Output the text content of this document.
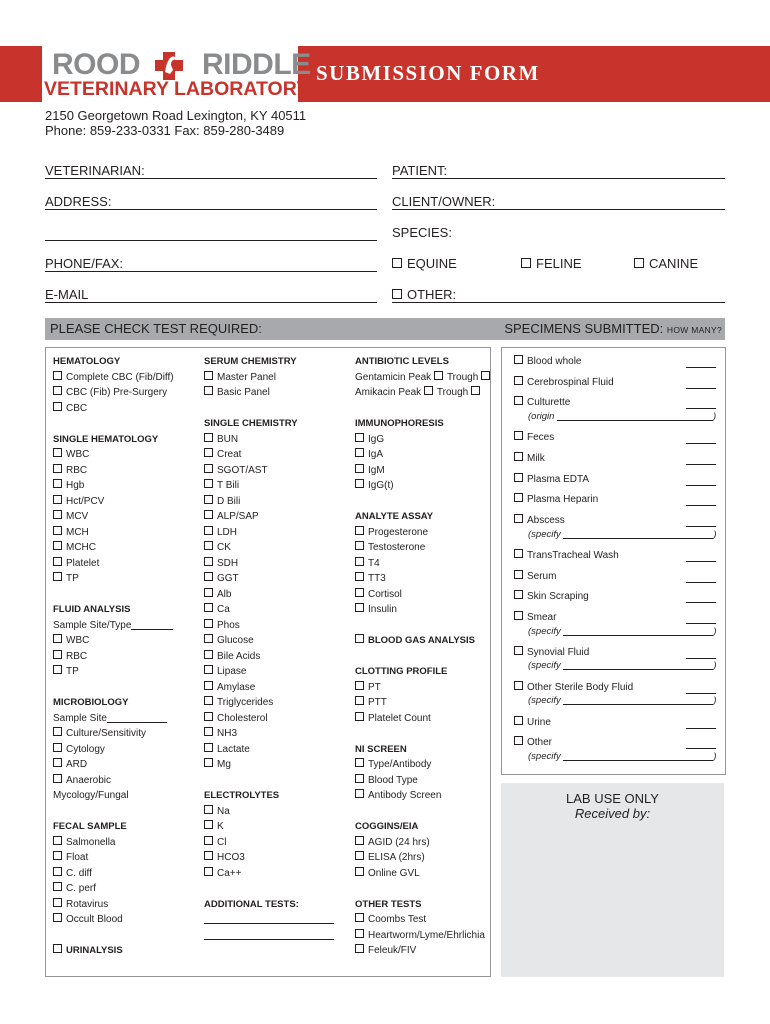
ROOD RIDDLE
VETERINARY LABORATORY
SUBMISSION FORM
2150 Georgetown Road Lexington, KY 40511
Phone: 859-233-0331 Fax: 859-280-3489
VETERINARIAN:
ADDRESS:
PHONE/FAX:
E-MAIL
PATIENT:
CLIENT/OWNER:
SPECIES:
EQUINE	FELINE	CANINE
OTHER:
PLEASE CHECK TEST REQUIRED:	SPECIMENS SUBMITTED: HOW MANY?
HEMATOLOGY
Complete CBC (Fib/Diff)
CBC (Fib) Pre-Surgery
CBC
SINGLE HEMATOLOGY
WBC
RBC
Hgb
Hct/PCV
MCV
MCH
MCHC
Platelet
TP
FLUID ANALYSIS
Sample Site/Type
WBC
RBC
TP
MICROBIOLOGY
Sample Site
Culture/Sensitivity
Cytology
ARD
Anaerobic
Mycology/Fungal
FECAL SAMPLE
Salmonella
Float
C. diff
C. perf
Rotavirus
Occult Blood
URINALYSIS
SERUM CHEMISTRY
Master Panel
Basic Panel
SINGLE CHEMISTRY
BUN
Creat
SGOT/AST
T Bili
D Bili
ALP/SAP
LDH
CK
SDH
GGT
Alb
Ca
Phos
Glucose
Bile Acids
Lipase
Amylase
Triglycerides
Cholesterol
NH3
Lactate
Mg
ELECTROLYTES
Na
K
Cl
HCO3
Ca++
ADDITIONAL TESTS:
ANTIBIOTIC LEVELS
Gentamicin Peak Trough
Amikacin Peak Trough
IMMUNOPHORESIS
IgG
IgA
IgM
IgG(t)
ANALYTE ASSAY
Progesterone
Testosterone
T4
TT3
Cortisol
Insulin
BLOOD GAS ANALYSIS
CLOTTING PROFILE
PT
PTT
Platelet Count
NI SCREEN
Type/Antibody
Blood Type
Antibody Screen
COGGINS/EIA
AGID (24 hrs)
ELISA (2hrs)
Online GVL
OTHER TESTS
Coombs Test
Heartworm/Lyme/Ehrlichia
Feleuk/FIV
Blood whole
Cerebrospinal Fluid
Culturette
(origin	)
Feces
Milk
Plasma EDTA
Plasma Heparin
Abscess
(specify	)
TransTracheal Wash
Serum
Skin Scraping
Smear
(specify	)
Synovial Fluid
(specify	)
Other Sterile Body Fluid
(specify	)
Urine
Other
(specify	)
LAB USE ONLY
Received by:
